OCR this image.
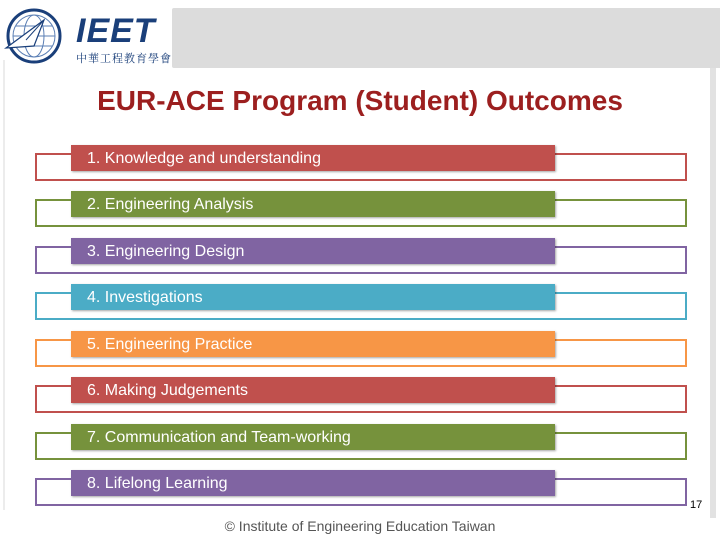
IEET
中華工程教育學會
EUR-ACE Program (Student) Outcomes
1. Knowledge and understanding
2. Engineering Analysis
3. Engineering Design
4. Investigations
5. Engineering Practice
6. Making Judgements
7. Communication and Team-working
8. Lifelong Learning
17
© Institute of Engineering Education Taiwan
